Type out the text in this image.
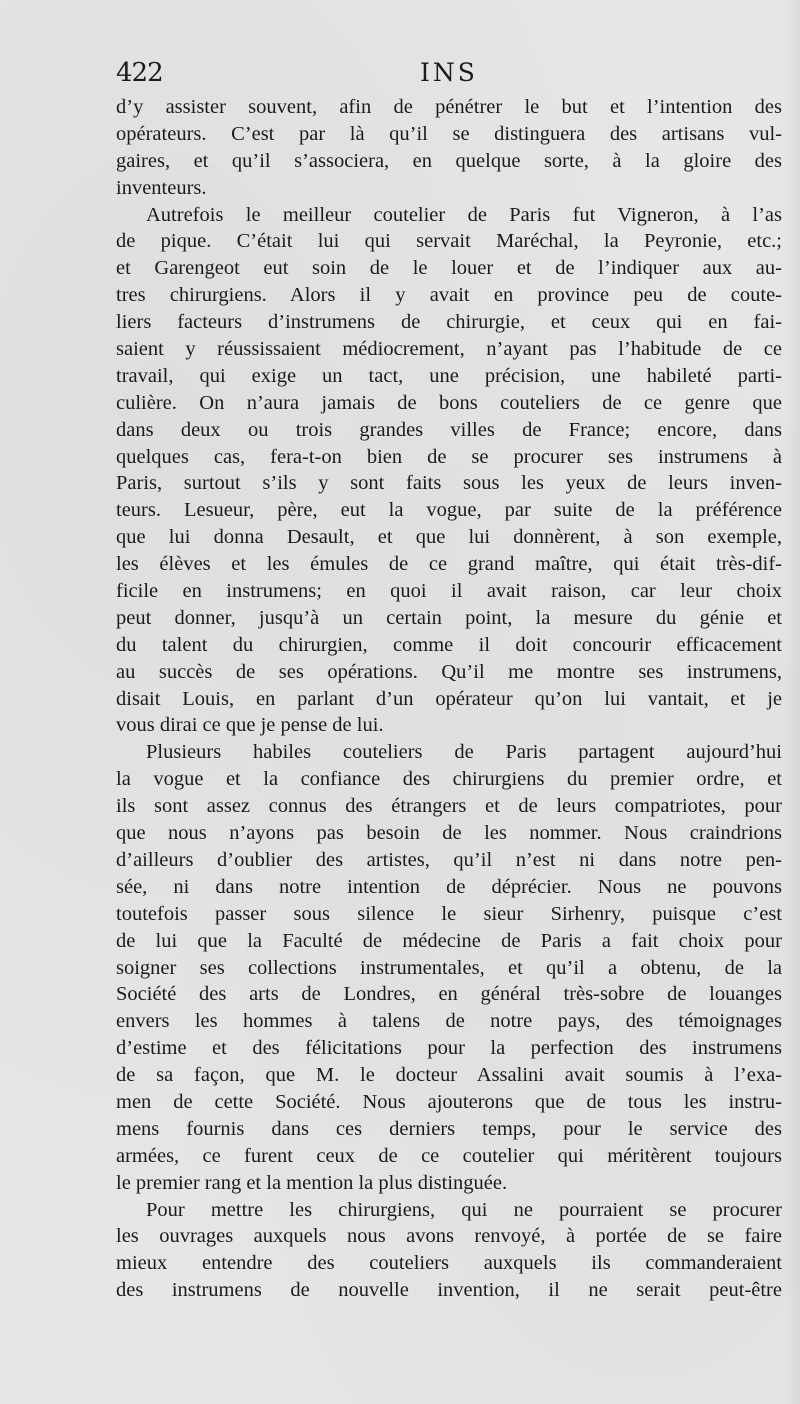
422	INS
d’y assister souvent, afin de pénétrer le but et l’intention des
opérateurs. C’est par là qu’il se distinguera des artisans vul-
gaires, et qu’il s’associera, en quelque sorte, à la gloire des
inventeurs.
Autrefois le meilleur coutelier de Paris fut Vigneron, à l’as
de pique. C’était lui qui servait Maréchal, la Peyronie, etc.;
et Garengeot eut soin de le louer et de l’indiquer aux au-
tres chirurgiens. Alors il y avait en province peu de coute-
liers facteurs d’instrumens de chirurgie, et ceux qui en fai-
saient y réussissaient médiocrement, n’ayant pas l’habitude de ce
travail, qui exige un tact, une précision, une habileté parti-
culière. On n’aura jamais de bons couteliers de ce genre que
dans deux ou trois grandes villes de France; encore, dans
quelques cas, fera-t-on bien de se procurer ses instrumens à
Paris, surtout s’ils y sont faits sous les yeux de leurs inven-
teurs. Lesueur, père, eut la vogue, par suite de la préférence
que lui donna Desault, et que lui donnèrent, à son exemple,
les élèves et les émules de ce grand maître, qui était très-dif-
ficile en instrumens; en quoi il avait raison, car leur choix
peut donner, jusqu’à un certain point, la mesure du génie et
du talent du chirurgien, comme il doit concourir efficacement
au succès de ses opérations. Qu’il me montre ses instrumens,
disait Louis, en parlant d’un opérateur qu’on lui vantait, et je
vous dirai ce que je pense de lui.
Plusieurs habiles couteliers de Paris partagent aujourd’hui
la vogue et la confiance des chirurgiens du premier ordre, et
ils sont assez connus des étrangers et de leurs compatriotes, pour
que nous n’ayons pas besoin de les nommer. Nous craindrions
d’ailleurs d’oublier des artistes, qu’il n’est ni dans notre pen-
sée, ni dans notre intention de déprécier. Nous ne pouvons
toutefois passer sous silence le sieur Sirhenry, puisque c’est
de lui que la Faculté de médecine de Paris a fait choix pour
soigner ses collections instrumentales, et qu’il a obtenu, de la
Société des arts de Londres, en général très-sobre de louanges
envers les hommes à talens de notre pays, des témoignages
d’estime et des félicitations pour la perfection des instrumens
de sa façon, que M. le docteur Assalini avait soumis à l’exa-
men de cette Société. Nous ajouterons que de tous les instru-
mens fournis dans ces derniers temps, pour le service des
armées, ce furent ceux de ce coutelier qui méritèrent toujours
le premier rang et la mention la plus distinguée.
Pour mettre les chirurgiens, qui ne pourraient se procurer
les ouvrages auxquels nous avons renvoyé, à portée de se faire
mieux entendre des couteliers auxquels ils commanderaient
des instrumens de nouvelle invention, il ne serait peut-être
